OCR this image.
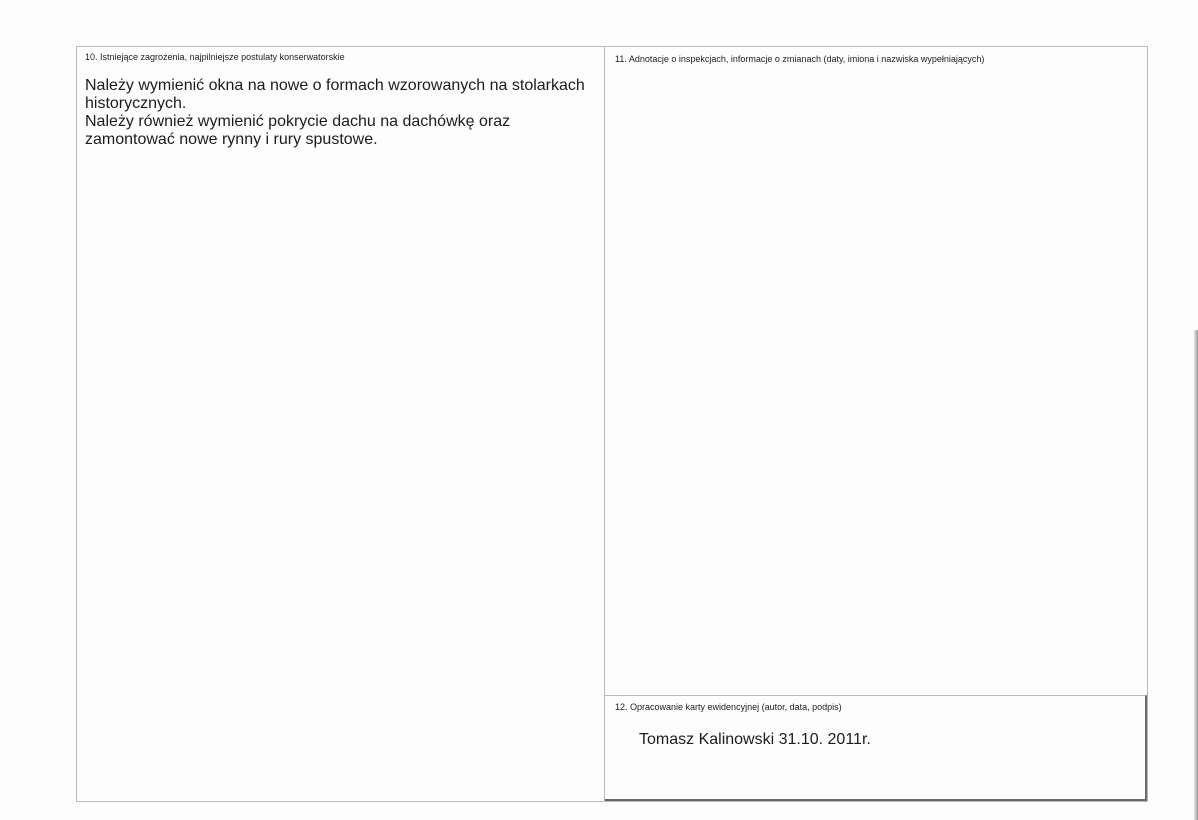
10. Istniejące zagrożenia, najpilniejsze postulaty konserwatorskie

Należy wymienić okna na nowe o formach wzorowanych na stolarkach historycznych.

Należy również wymienić pokrycie dachu na dachówkę oraz zamontować nowe rynny i rury spustowe.

11. Adnotacje o inspekcjach, informacje o zmianach (daty, imiona i nazwiska wypełniających)
12. Opracowanie karty ewidencyjnej (autor, data, podpis)
Tomasz Kalinowski 31.10. 2011r.
